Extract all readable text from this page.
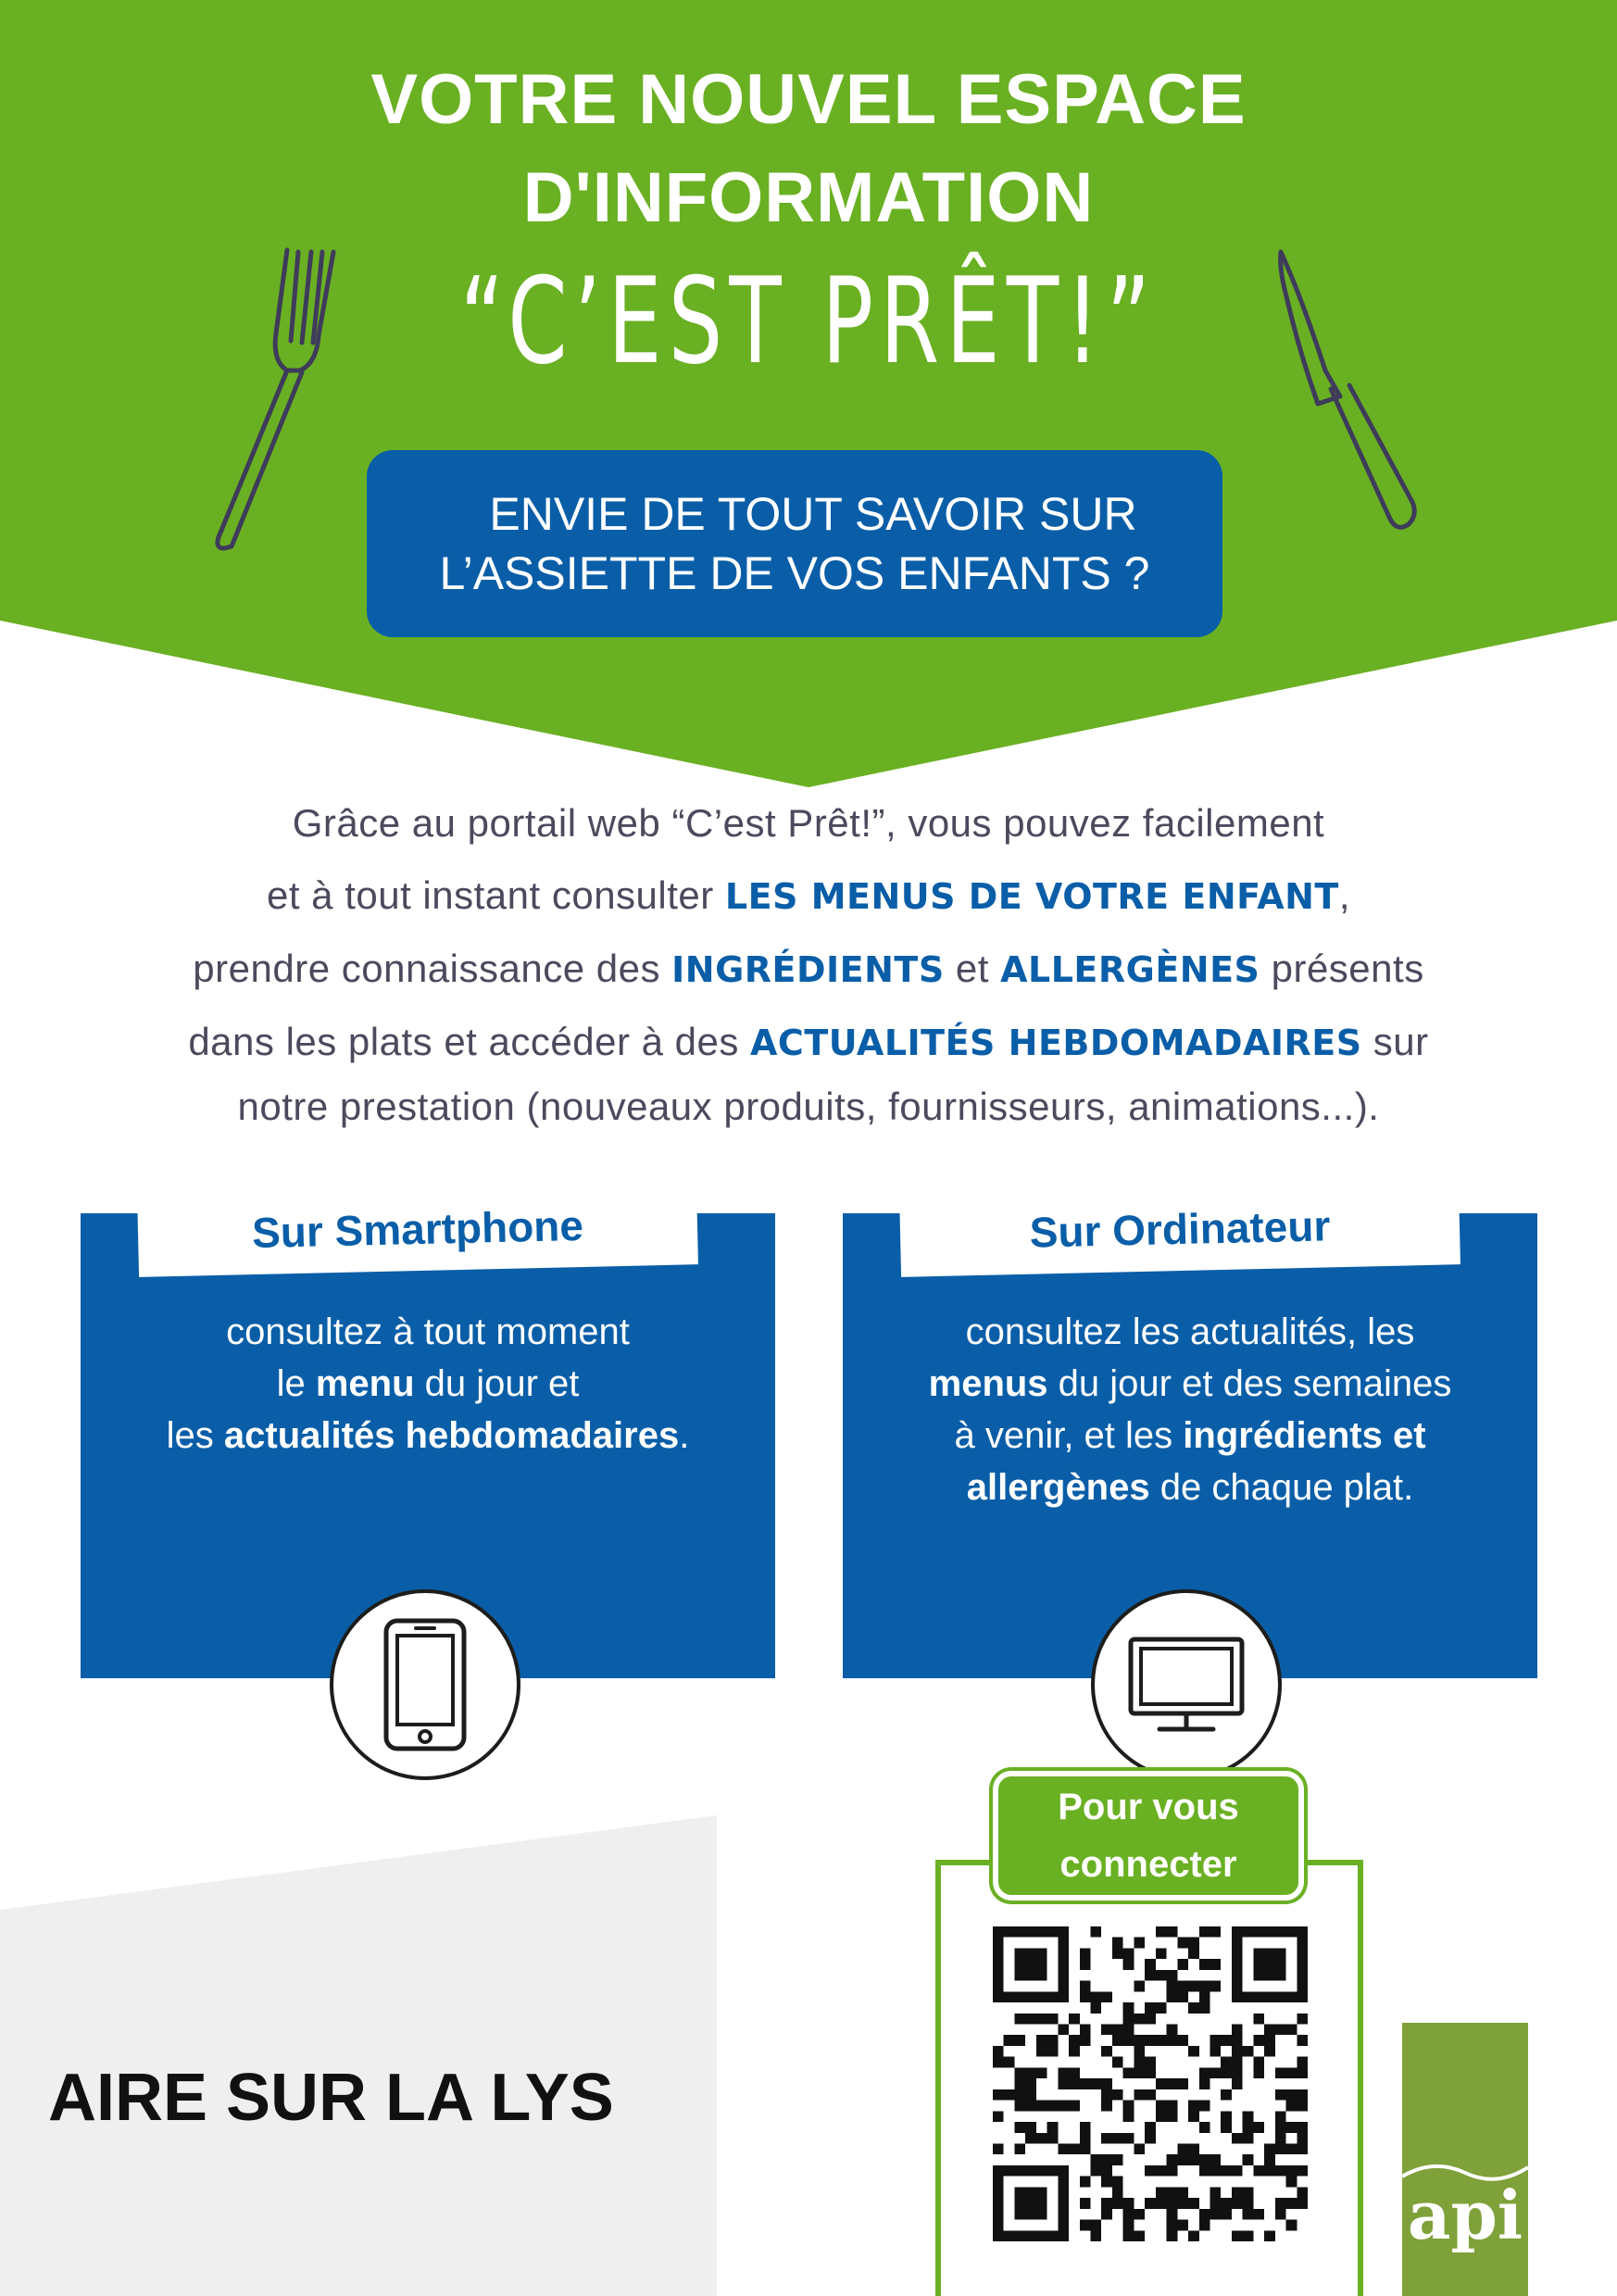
VOTRE NOUVEL ESPACE
D'INFORMATION
“C’EST PRÊT!”
ENVIE DE TOUT SAVOIR SUR
L’ASSIETTE DE VOS ENFANTS ?

Grâce au portail web “C’est Prêt!”, vous pouvez facilement

et à tout instant consulter LES MENUS DE VOTRE ENFANT,

prendre connaissance des INGRÉDIENTS et ALLERGÈNES présents

dans les plats et accéder à des ACTUALITÉS HEBDOMADAIRES sur

notre prestation (nouveaux produits, fournisseurs, animations...).

Sur Smartphone
consultez à tout moment
le menu du jour et
les actualités hebdomadaires.
Sur Ordinateur
consultez les actualités, les
menus du jour et des semaines
à venir, et les ingrédients et
allergènes de chaque plat.
AIRE SUR LA LYS
Pour vous
connecter
api
